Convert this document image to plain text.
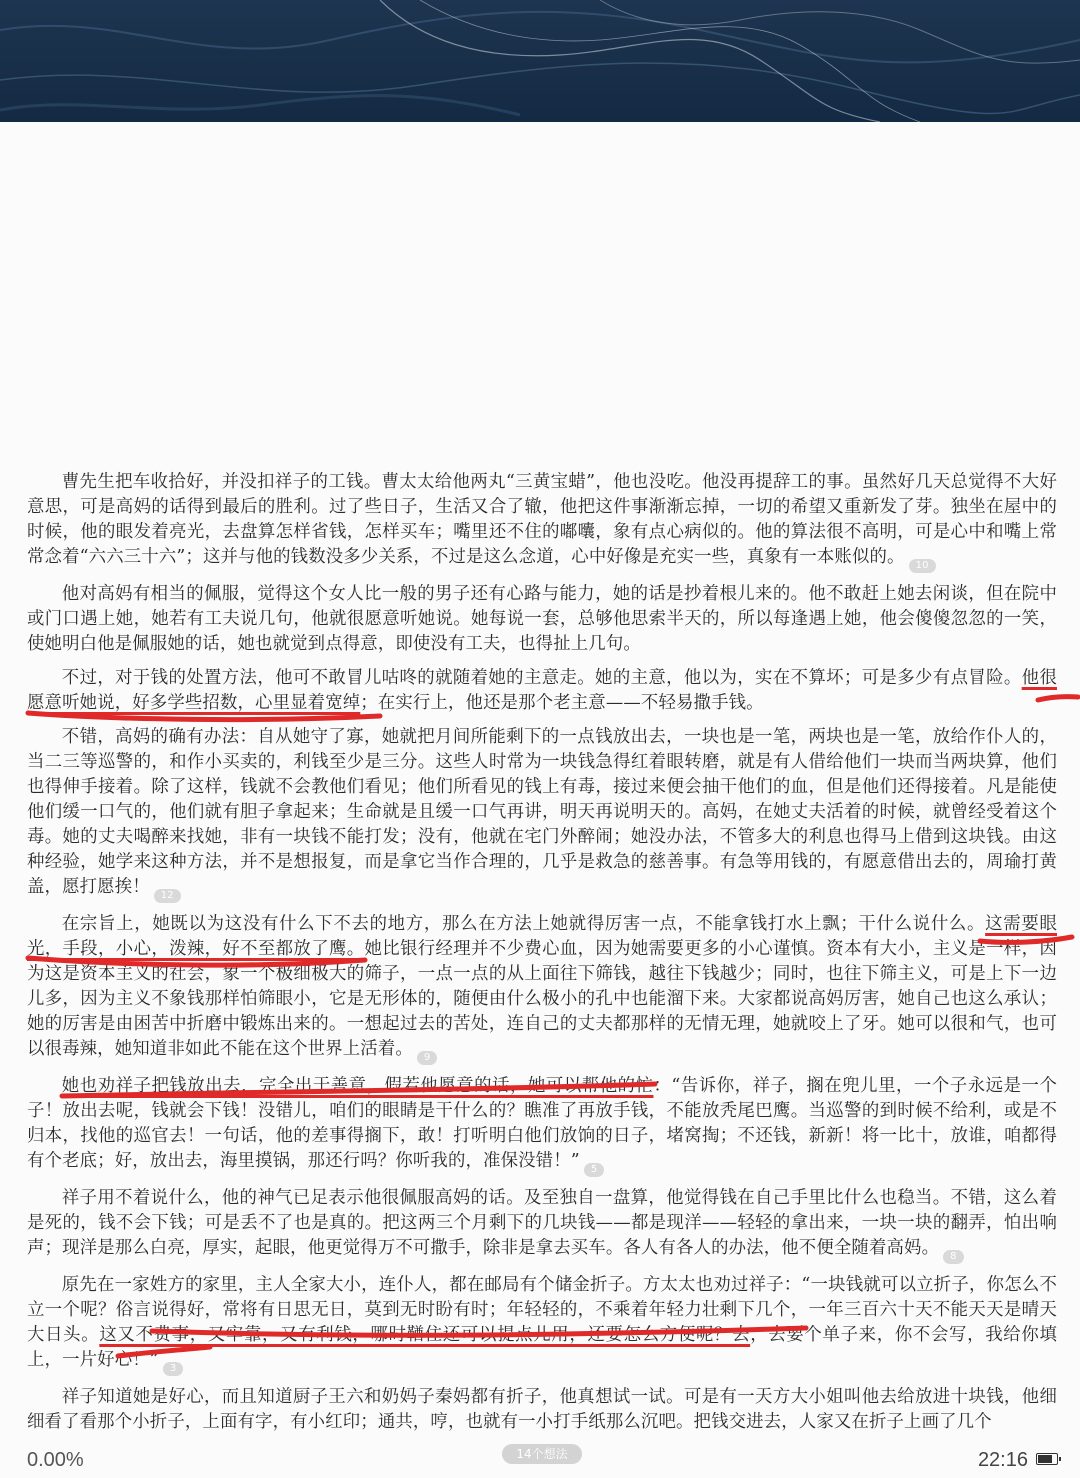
曹先生把车收拾好，并没扣祥子的工钱。曹太太给他两丸“三黄宝蜡”，他也没吃。他没再提辞工的事。虽然好几天总觉得不大好意思，可是高妈的话得到最后的胜利。过了些日子，生活又合了辙，他把这件事渐渐忘掉，一切的希望又重新发了芽。独坐在屋中的时候，他的眼发着亮光，去盘算怎样省钱，怎样买车；嘴里还不住的嘟囔，象有点心病似的。他的算法很不高明，可是心中和嘴上常常念着“六六三十六”；这并与他的钱数没多少关系，不过是这么念道，心中好像是充实一些，真象有一本账似的。 10

他对高妈有相当的佩服，觉得这个女人比一般的男子还有心路与能力，她的话是抄着根儿来的。他不敢赶上她去闲谈，但在院中或门口遇上她，她若有工夫说几句，他就很愿意听她说。她每说一套，总够他思索半天的，所以每逢遇上她，他会傻傻忽忽的一笑，使她明白他是佩服她的话，她也就觉到点得意，即使没有工夫，也得扯上几句。

不过，对于钱的处置方法，他可不敢冒儿咕咚的就随着她的主意走。她的主意，他以为，实在不算坏；可是多少有点冒险。他很愿意听她说，好多学些招数，心里显着宽绰；在实行上，他还是那个老主意——不轻易撒手钱。

不错，高妈的确有办法：自从她守了寡，她就把月间所能剩下的一点钱放出去，一块也是一笔，两块也是一笔，放给作仆人的，当二三等巡警的，和作小买卖的，利钱至少是三分。这些人时常为一块钱急得红着眼转磨，就是有人借给他们一块而当两块算，他们也得伸手接着。除了这样，钱就不会教他们看见；他们所看见的钱上有毒，接过来便会抽干他们的血，但是他们还得接着。凡是能使他们缓一口气的，他们就有胆子拿起来；生命就是且缓一口气再讲，明天再说明天的。高妈，在她丈夫活着的时候，就曾经受着这个毒。她的丈夫喝醉来找她，非有一块钱不能打发；没有，他就在宅门外醉闹；她没办法，不管多大的利息也得马上借到这块钱。由这种经验，她学来这种方法，并不是想报复，而是拿它当作合理的，几乎是救急的慈善事。有急等用钱的，有愿意借出去的，周瑜打黄盖，愿打愿挨！ 12

在宗旨上，她既以为这没有什么下不去的地方，那么在方法上她就得厉害一点，不能拿钱打水上飘；干什么说什么。这需要眼光，手段，小心，泼辣，好不至都放了鹰。她比银行经理并不少费心血，因为她需要更多的小心谨慎。资本有大小，主义是一样，因为这是资本主义的社会，象一个极细极大的筛子，一点一点的从上面往下筛钱，越往下钱越少；同时，也往下筛主义，可是上下一边儿多，因为主义不象钱那样怕筛眼小，它是无形体的，随便由什么极小的孔中也能溜下来。大家都说高妈厉害，她自己也这么承认；她的厉害是由困苦中折磨中锻炼出来的。一想起过去的苦处，连自己的丈夫都那样的无情无理，她就咬上了牙。她可以很和气，也可以很毒辣，她知道非如此不能在这个世界上活着。 9

她也劝祥子把钱放出去，完全出于善意，假若他愿意的话，她可以帮他的忙：“告诉你，祥子，搁在兜儿里，一个子永远是一个子！放出去呢，钱就会下钱！没错儿，咱们的眼睛是干什么的？瞧准了再放手钱，不能放秃尾巴鹰。当巡警的到时候不给利，或是不归本，找他的巡官去！一句话，他的差事得搁下，敢！打听明白他们放饷的日子，堵窝掏；不还钱，新新！将一比十，放谁，咱都得有个老底；好，放出去，海里摸锅，那还行吗？你听我的，准保没错！” 5

祥子用不着说什么，他的神气已足表示他很佩服高妈的话。及至独自一盘算，他觉得钱在自己手里比什么也稳当。不错，这么着是死的，钱不会下钱；可是丢不了也是真的。把这两三个月剩下的几块钱——都是现洋——轻轻的拿出来，一块一块的翻弄，怕出响声；现洋是那么白亮，厚实，起眼，他更觉得万不可撒手，除非是拿去买车。各人有各人的办法，他不便全随着高妈。 8

原先在一家姓方的家里，主人全家大小，连仆人，都在邮局有个储金折子。方太太也劝过祥子：“一块钱就可以立折子，你怎么不立一个呢？俗言说得好，常将有日思无日，莫到无时盼有时；年轻轻的，不乘着年轻力壮剩下几个，一年三百六十天不能天天是晴天大日头。这又不费事，又牢靠，又有利钱，哪时鞧住还可以提点儿用，还要怎么方便呢？去，去要个单子来，你不会写，我给你填上，一片好心！” 3

祥子知道她是好心，而且知道厨子王六和奶妈子秦妈都有折子，他真想试一试。可是有一天方大小姐叫他去给放进十块钱，他细细看了看那个小折子，上面有字，有小红印；通共，哼，也就有一小打手纸那么沉吧。把钱交进去，人家又在折子上画了几个

0.00%	14个想法	22:16
